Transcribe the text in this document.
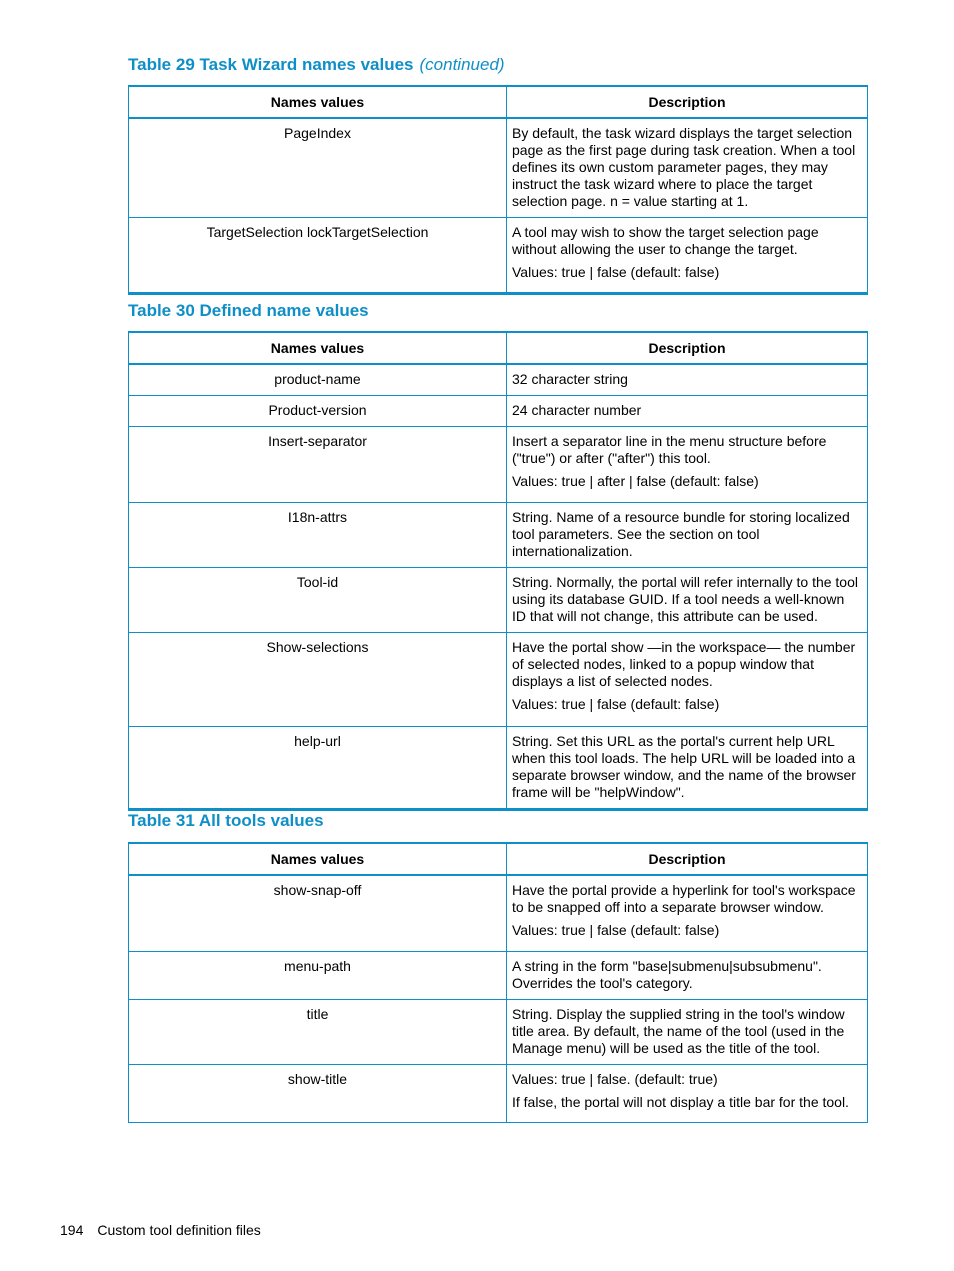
Table 29 Task Wizard names values (continued)
Names values	Description
PageIndex	By default, the task wizard displays the target selection page as the first page during task creation. When a tool defines its own custom parameter pages, they may instruct the task wizard where to place the target selection page. n = value starting at 1.

TargetSelection lockTargetSelection	A tool may wish to show the target selection page without allowing the user to change the target.

Values: true | false (default: false)

Table 30 Defined name values
Names values	Description
product-name	32 character string

Product-version	24 character number

Insert-separator	Insert a separator line in the menu structure before ("true") or after ("after") this tool.

Values: true | after | false (default: false)

I18n-attrs	String. Name of a resource bundle for storing localized tool parameters. See the section on tool internationalization.

Tool-id	String. Normally, the portal will refer internally to the tool using its database GUID. If a tool needs a well-known ID that will not change, this attribute can be used.

Show-selections	Have the portal show —in the workspace— the number of selected nodes, linked to a popup window that displays a list of selected nodes.

Values: true | false (default: false)

help-url	String. Set this URL as the portal's current help URL when this tool loads. The help URL will be loaded into a separate browser window, and the name of the browser frame will be "helpWindow".

Table 31 All tools values
Names values	Description
show-snap-off	Have the portal provide a hyperlink for tool's workspace to be snapped off into a separate browser window.

Values: true | false (default: false)

menu-path	A string in the form "base|submenu|subsubmenu". Overrides the tool's category.

title	String. Display the supplied string in the tool's window title area. By default, the name of the tool (used in the Manage menu) will be used as the title of the tool.

show-title	Values: true | false. (default: true)

If false, the portal will not display a title bar for the tool.

194 Custom tool definition files
